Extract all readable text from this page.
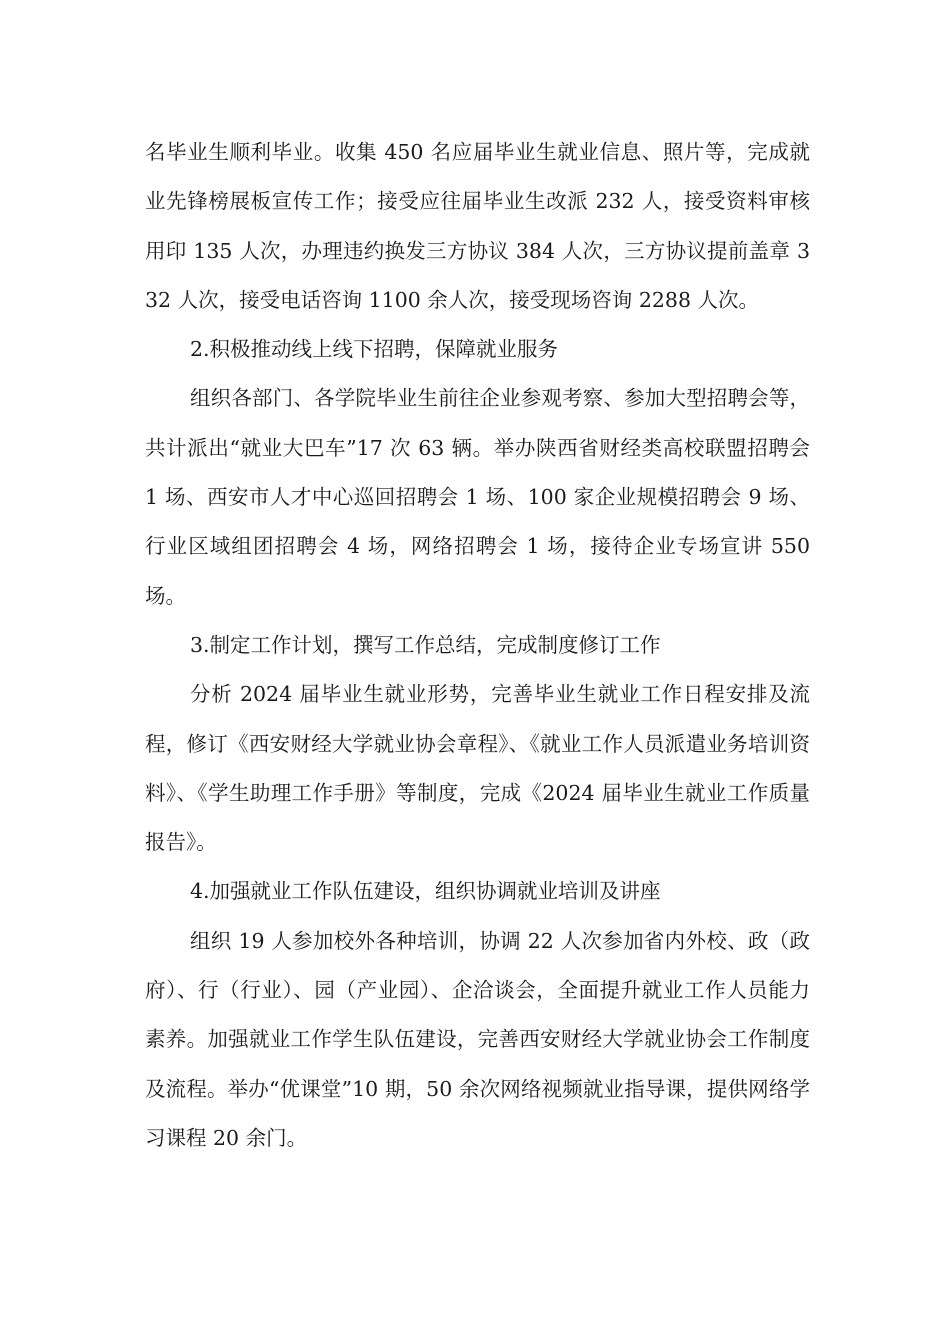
名毕业生顺利毕业。收集 450 名应届毕业生就业信息、照片等，完成就业先锋榜展板宣传工作；接受应往届毕业生改派 232 人，接受资料审核用印 135 人次，办理违约换发三方协议 384 人次，三方协议提前盖章 332 人次，接受电话咨询 1100 余人次，接受现场咨询 2288 人次。

2.积极推动线上线下招聘，保障就业服务

组织各部门、各学院毕业生前往企业参观考察、参加大型招聘会等，共计派出“就业大巴车”17 次 63 辆。举办陕西省财经类高校联盟招聘会 1 场、西安市人才中心巡回招聘会 1 场、100 家企业规模招聘会 9 场、行业区域组团招聘会 4 场，网络招聘会 1 场，接待企业专场宣讲 550 场。

3.制定工作计划，撰写工作总结，完成制度修订工作

分析 2024 届毕业生就业形势，完善毕业生就业工作日程安排及流程，修订《西安财经大学就业协会章程》、《就业工作人员派遣业务培训资料》、《学生助理工作手册》等制度，完成《2024 届毕业生就业工作质量报告》。

4.加强就业工作队伍建设，组织协调就业培训及讲座

组织 19 人参加校外各种培训，协调 22 人次参加省内外校、政（政府）、行（行业）、园（产业园）、企洽谈会，全面提升就业工作人员能力素养。加强就业工作学生队伍建设，完善西安财经大学就业协会工作制度及流程。举办“优课堂”10 期，50 余次网络视频就业指导课，提供网络学习课程 20 余门。
